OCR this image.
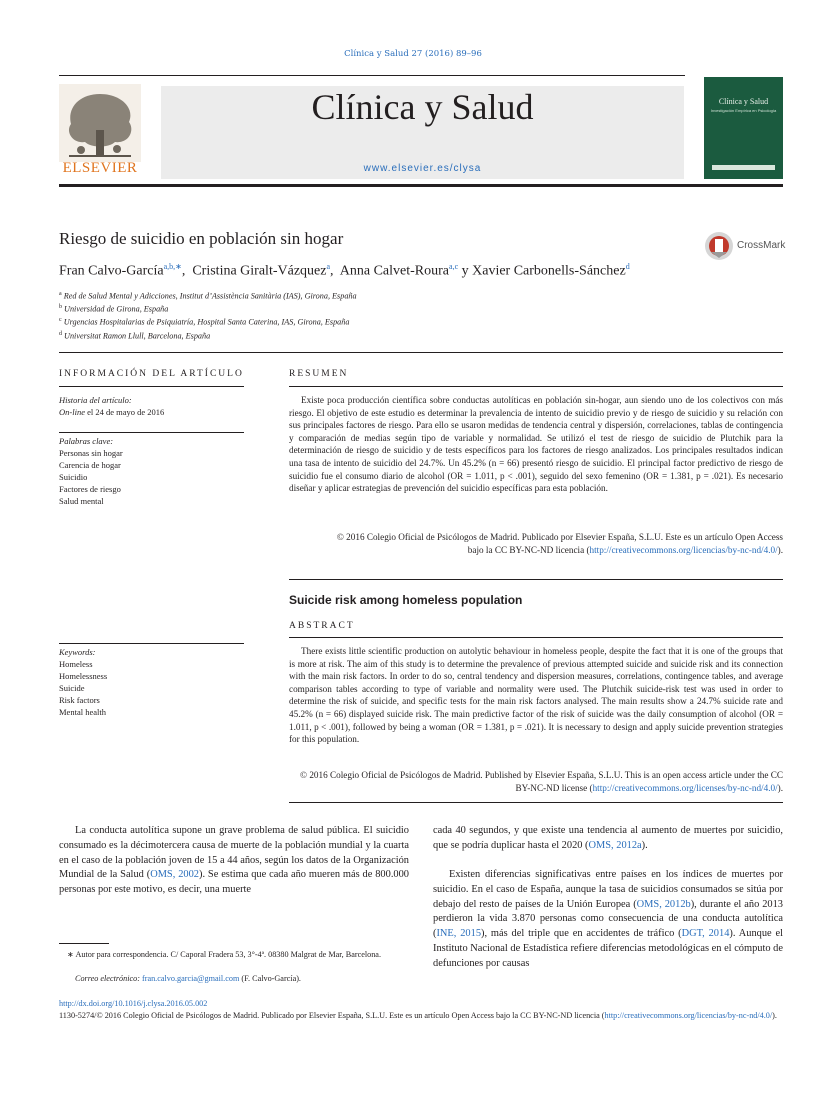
Clínica y Salud 27 (2016) 89–96
ELSEVIER
Clínica y Salud
www.elsevier.es/clysa
Clínica y Salud
Investigación Empírica en Psicología
Riesgo de suicidio en población sin hogar	CrossMark
Fran Calvo-García$^{a,b,∗}$,  Cristina Giralt-Vázquez$^a$,  Anna Calvet-Roura$^{a,c}$ y Xavier Carbonells-Sánchez$^d$
$^a$ Red de Salud Mental y Adicciones, Institut d’Assistència Sanitària (IAS), Girona, España
$^b$ Universidad de Girona, España
$^c$ Urgencias Hospitalarias de Psiquiatría, Hospital Santa Caterina, IAS, Girona, España
$^d$ Universitat Ramon Llull, Barcelona, España
INFORMACIÓN DEL ARTÍCULO
Historia del artículo:
On-line el 24 de mayo de 2016
Palabras clave:
Personas sin hogar
Carencia de hogar
Suicidio
Factores de riesgo
Salud mental
Keywords:
Homeless
Homelessness
Suicide
Risk factors
Mental health
RESUMEN
Existe poca producción científica sobre conductas autolíticas en población sin-hogar, aun siendo uno de los colectivos con más riesgo. El objetivo de este estudio es determinar la prevalencia de intento de suicidio previo y de riesgo de suicidio y su relación con sus principales factores de riesgo. Para ello se usaron medidas de tendencia central y dispersión, correlaciones, tablas de contingencia y comparación de medias según tipo de variable y normalidad. Se utilizó el test de riesgo de suicidio de Plutchik para la determinación de riesgo de suicidio y de tests específicos para los factores de riesgo analizados. Los principales resultados indican una tasa de intento de suicidio del 24.7%. Un 45.2% (n = 66) presentó riesgo de suicidio. El principal factor predictivo de riesgo de suicidio fue el consumo diario de alcohol (OR = 1.011, p < .001), seguido del sexo femenino (OR = 1.381, p = .021). Es necesario diseñar y aplicar estrategias de prevención del suicidio específicas para esta población.
© 2016 Colegio Oficial de Psicólogos de Madrid. Publicado por Elsevier España, S.L.U. Este es un artículo Open Access bajo la CC BY-NC-ND licencia (http://creativecommons.org/licencias/by-nc-nd/4.0/).
Suicide risk among homeless population
ABSTRACT
There exists little scientific production on autolytic behaviour in homeless people, despite the fact that it is one of the groups that is more at risk. The aim of this study is to determine the prevalence of previous attempted suicide and suicide risk and its connection with the main risk factors. In order to do so, central tendency and dispersion measures, correlations, contingence tables, and average comparison tables according to type of variable and normality were used. The Plutchik suicide-risk test was used in order to determine the risk of suicide, and specific tests for the main risk factors analysed. The main results show a 24.7% suicide rate and 45.2% (n = 66) displayed suicide risk. The main predictive factor of the risk of suicide was the daily consumption of alcohol (OR = 1.011, p < .001), followed by being a woman (OR = 1.381, p = .021). It is necessary to design and apply suicide prevention strategies for this population.
© 2016 Colegio Oficial de Psicólogos de Madrid. Published by Elsevier España, S.L.U. This is an open access article under the CC BY-NC-ND license (http://creativecommons.org/licenses/by-nc-nd/4.0/).
La conducta autolítica supone un grave problema de salud pública. El suicidio consumado es la décimotercera causa de muerte de la población mundial y la cuarta en el caso de la población joven de 15 a 44 años, según los datos de la Organización Mundial de la Salud (OMS, 2002). Se estima que cada año mueren más de 800.000 personas por este motivo, es decir, una muerte
cada 40 segundos, y que existe una tendencia al aumento de muertes por suicidio, que se podría duplicar hasta el 2020 (OMS, 2012a).
Existen diferencias significativas entre países en los índices de muertes por suicidio. En el caso de España, aunque la tasa de suicidios consumados se sitúa por debajo del resto de países de la Unión Europea (OMS, 2012b), durante el año 2013 perdieron la vida 3.870 personas como consecuencia de una conducta autolítica (INE, 2015), más del triple que en accidentes de tráfico (DGT, 2014). Aunque el Instituto Nacional de Estadística refiere diferencias metodológicas en el cómputo de defunciones por causas
∗ Autor para correspondencia. C/ Caporal Fradera 53, 3°-4ª. 08380 Malgrat de Mar, Barcelona.
Correo electrónico: fran.calvo.garcia@gmail.com (F. Calvo-García).
http://dx.doi.org/10.1016/j.clysa.2016.05.002
1130-5274/© 2016 Colegio Oficial de Psicólogos de Madrid. Publicado por Elsevier España, S.L.U. Este es un artículo Open Access bajo la CC BY-NC-ND licencia (http://creativecommons.org/licencias/by-nc-nd/4.0/).
